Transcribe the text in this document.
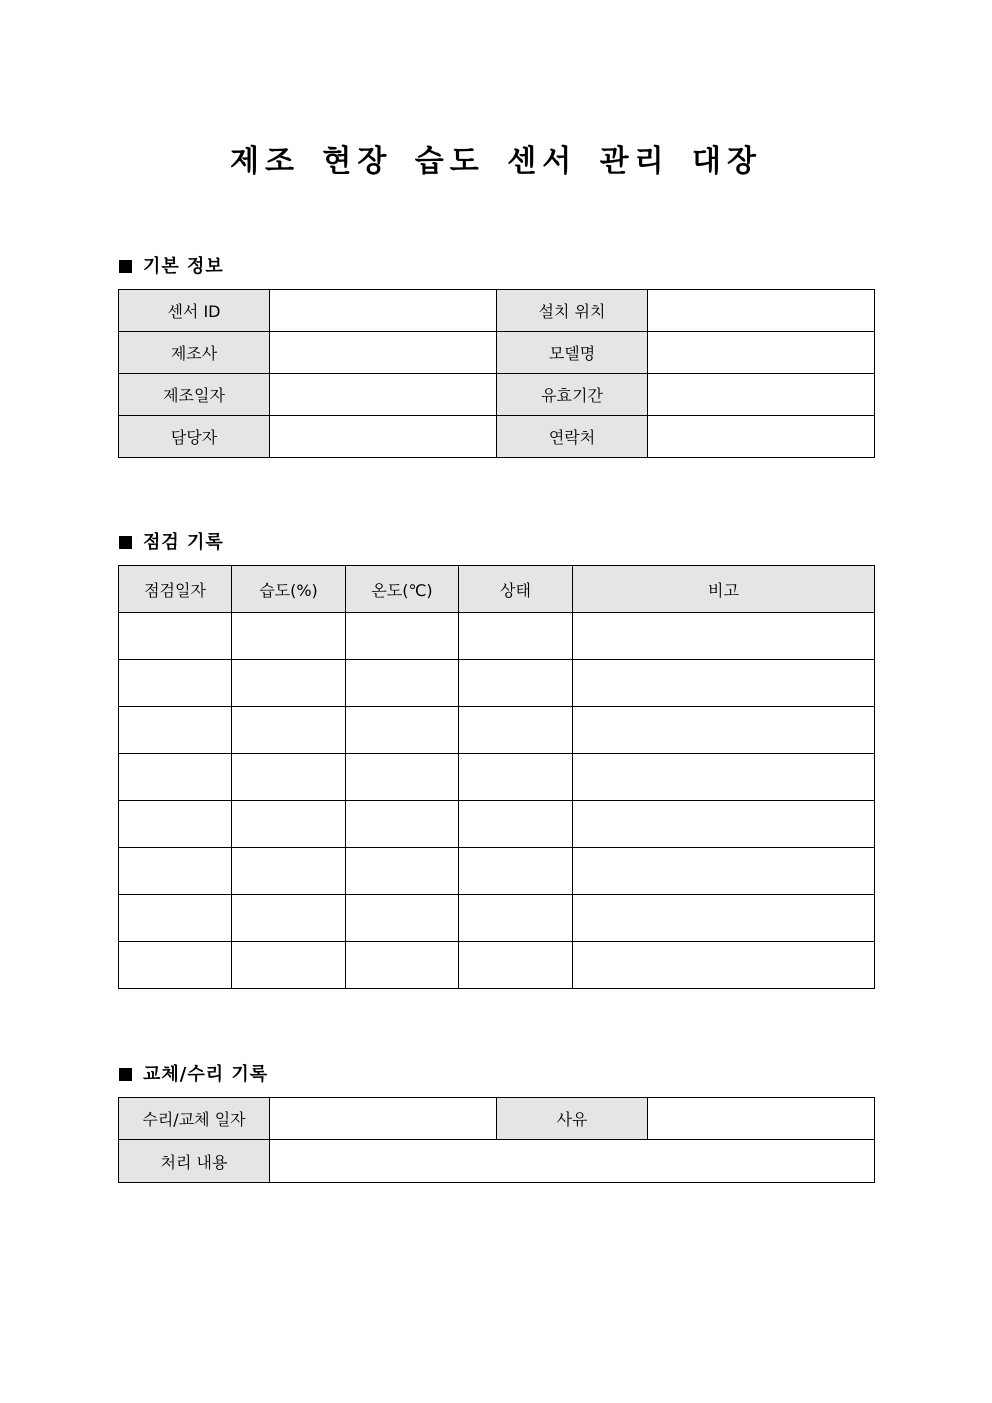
제조 현장 습도 센서 관리 대장
기본 정보
센서 ID		설치 위치	
제조사		모델명	
제조일자		유효기간	
담당자		연락처	
점검 기록
점검일자	습도(%)	온도(℃)	상태	비고

교체/수리 기록
수리/교체 일자		사유	
처리 내용			
